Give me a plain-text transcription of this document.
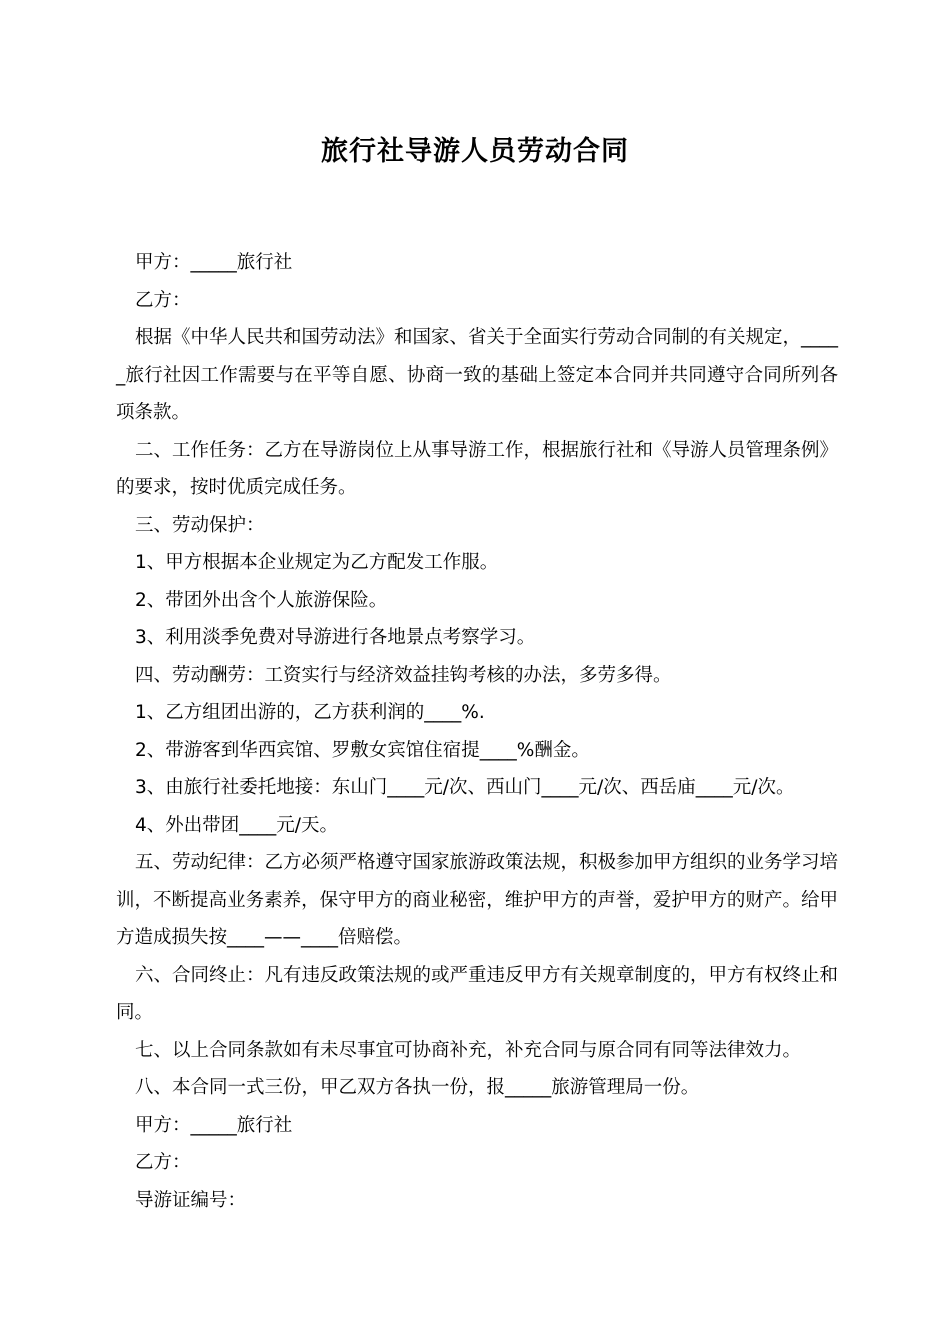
旅行社导游人员劳动合同

甲方：_____旅行社

乙方：

根据《中华人民共和国劳动法》和国家、省关于全面实行劳动合同制的有关规定，_____旅行社因工作需要与在平等自愿、协商一致的基础上签定本合同并共同遵守合同所列各项条款。

二、工作任务：乙方在导游岗位上从事导游工作，根据旅行社和《导游人员管理条例》的要求，按时优质完成任务。

三、劳动保护：

1、甲方根据本企业规定为乙方配发工作服。

2、带团外出含个人旅游保险。

3、利用淡季免费对导游进行各地景点考察学习。

四、劳动酬劳：工资实行与经济效益挂钩考核的办法，多劳多得。

1、乙方组团出游的，乙方获利润的____%.

2、带游客到华西宾馆、罗敷女宾馆住宿提____%酬金。

3、由旅行社委托地接：东山门____元/次、西山门____元/次、西岳庙____元/次。

4、外出带团____元/天。

五、劳动纪律：乙方必须严格遵守国家旅游政策法规，积极参加甲方组织的业务学习培训，不断提高业务素养，保守甲方的商业秘密，维护甲方的声誉，爱护甲方的财产。给甲方造成损失按____——____倍赔偿。

六、合同终止：凡有违反政策法规的或严重违反甲方有关规章制度的，甲方有权终止和同。

七、以上合同条款如有未尽事宜可协商补充，补充合同与原合同有同等法律效力。

八、本合同一式三份，甲乙双方各执一份，报_____旅游管理局一份。

甲方：_____旅行社

乙方：

导游证编号：
